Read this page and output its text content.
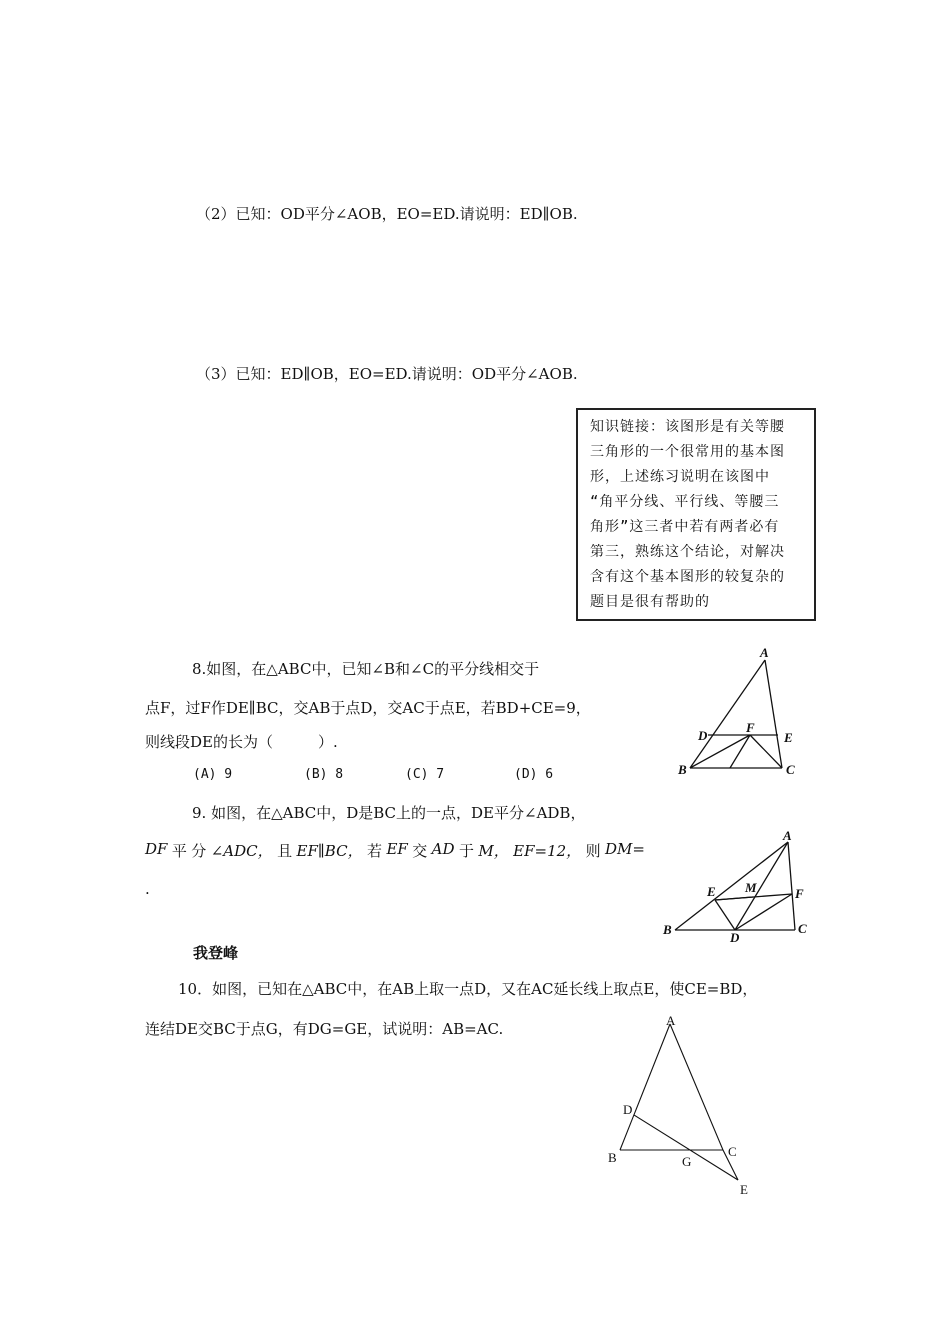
（2）已知：OD平分∠AOB，EO=ED.请说明：ED∥OB.
（3）已知：ED∥OB，EO=ED.请说明：OD平分∠AOB.
知识链接：该图形是有关等腰
三角形的一个很常用的基本图
形，上述练习说明在该图中
“角平分线、平行线、等腰三
角形”这三者中若有两者必有
第三，熟练这个结论，对解决
含有这个基本图形的较复杂的
题目是很有帮助的
8.如图，在△ABC中，已知∠B和∠C的平分线相交于
点F，过F作DE∥BC，交AB于点D，交AC于点E，若BD+CE=9，
则线段DE的长为（　　　）.
(A) 9	(B) 8	(C) 7	(D) 6
A
D
F
E
B	C
9. 如图，在△ABC中，D是BC上的一点，DE平分∠ADB，
DF 平 分 ∠ADC， 且 EF∥BC， 若 EF 交 AD 于 M， EF=12， 则 DM=
.
A
E M	F
B
D
C
我登峰
10．如图，已知在△ABC中，在AB上取一点D，又在AC延长线上取点E，使CE=BD，
连结DE交BC于点G，有DG=GE，试说明：AB=AC.	A
D
B	G
C
E
